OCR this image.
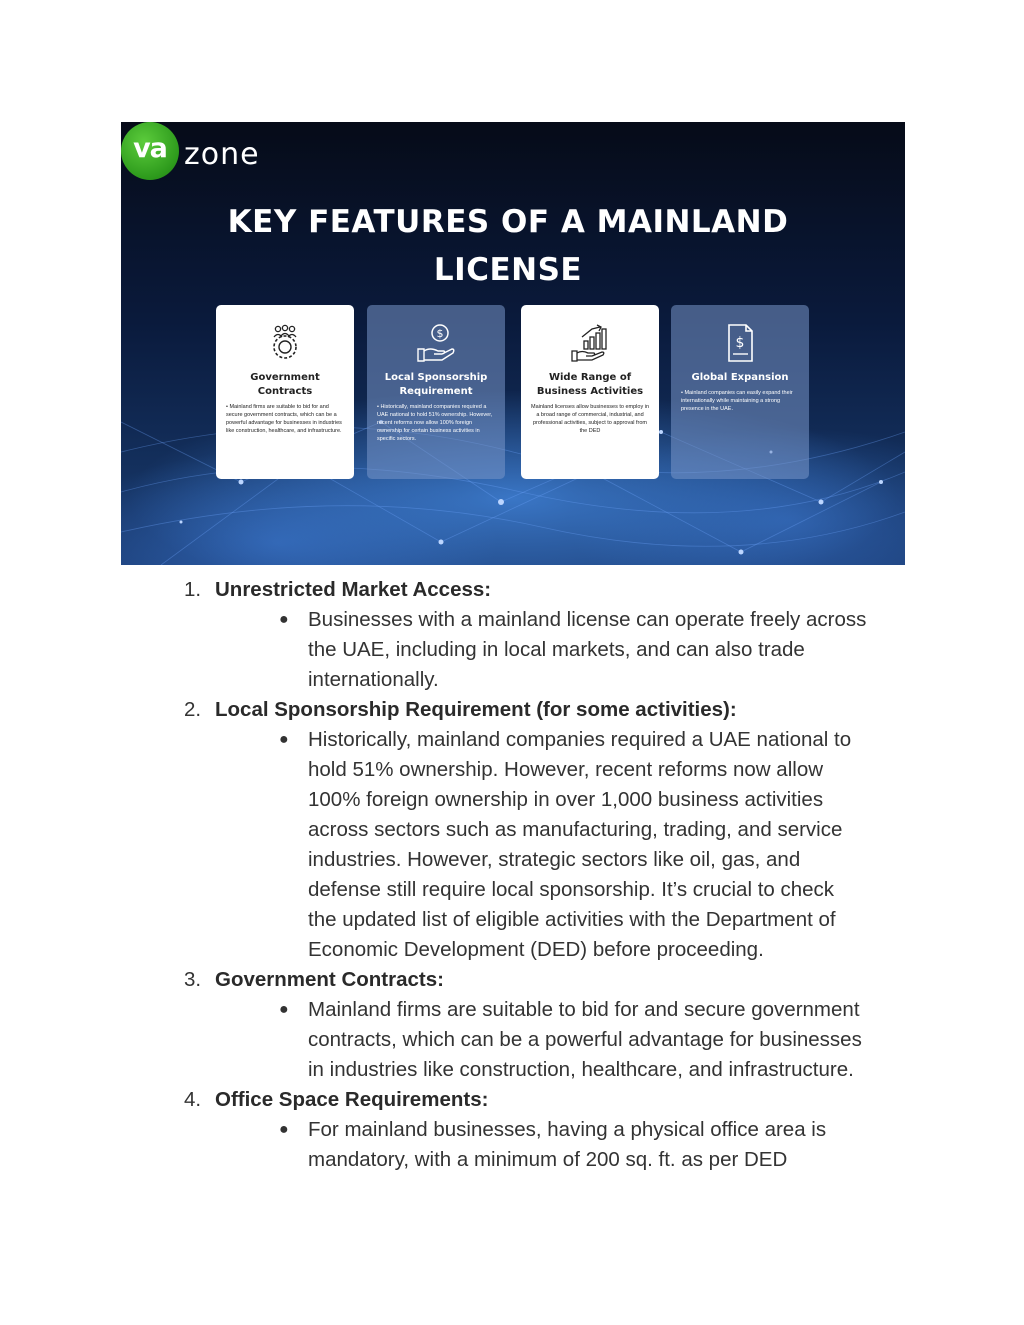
va zone
KEY FEATURES OF A MAINLAND LICENSE
Government Contracts
• Mainland firms are suitable to bid for and secure government contracts, which can be a powerful advantage for businesses in industries like construction, healthcare, and infrastructure.
$
Local Sponsorship Requirement
• Historically, mainland companies required a UAE national to hold 51% ownership. However, recent reforms now allow 100% foreign ownership for certain business activities in specific sectors.
Wide Range of Business Activities
Mainland licenses allow businesses to employ in a broad range of commercial, industrial, and professional activities, subject to approval from the DED
$
Global Expansion
• Mainland companies can easily expand their internationally while maintaining a strong presence in the UAE.
1. Unrestricted Market Access:
● Businesses with a mainland license can operate freely across
the UAE, including in local markets, and can also trade
internationally.
2. Local Sponsorship Requirement (for some activities):
● Historically, mainland companies required a UAE national to
hold 51% ownership. However, recent reforms now allow
100% foreign ownership in over 1,000 business activities
across sectors such as manufacturing, trading, and service
industries. However, strategic sectors like oil, gas, and
defense still require local sponsorship. It’s crucial to check
the updated list of eligible activities with the Department of
Economic Development (DED) before proceeding.
3. Government Contracts:
● Mainland firms are suitable to bid for and secure government
contracts, which can be a powerful advantage for businesses
in industries like construction, healthcare, and infrastructure.
4. Office Space Requirements:
● For mainland businesses, having a physical office area is
mandatory, with a minimum of 200 sq. ft. as per DED
